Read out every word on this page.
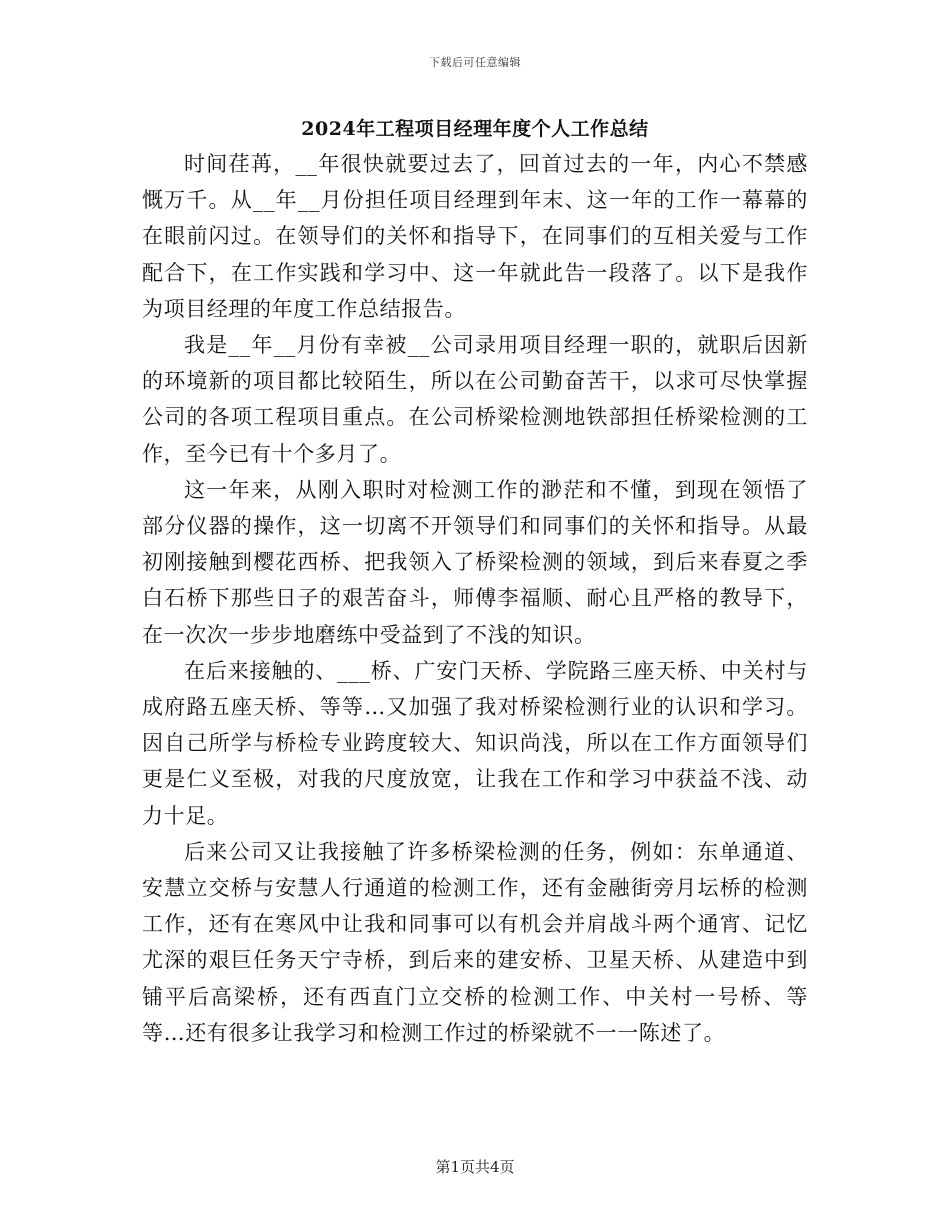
下载后可任意编辑
2024年工程项目经理年度个人工作总结

时间荏苒，__年很快就要过去了，回首过去的一年，内心不禁感慨万千。从__年__月份担任项目经理到年末、这一年的工作一幕幕的在眼前闪过。在领导们的关怀和指导下，在同事们的互相关爱与工作配合下，在工作实践和学习中、这一年就此告一段落了。以下是我作为项目经理的年度工作总结报告。

我是__年__月份有幸被__公司录用项目经理一职的，就职后因新的环境新的项目都比较陌生，所以在公司勤奋苦干，以求可尽快掌握公司的各项工程项目重点。在公司桥梁检测地铁部担任桥梁检测的工作，至今已有十个多月了。

这一年来，从刚入职时对检测工作的渺茫和不懂，到现在领悟了部分仪器的操作，这一切离不开领导们和同事们的关怀和指导。从最初刚接触到樱花西桥、把我领入了桥梁检测的领域，到后来春夏之季白石桥下那些日子的艰苦奋斗，师傅李福顺、耐心且严格的教导下，在一次次一步步地磨练中受益到了不浅的知识。

在后来接触的、___桥、广安门天桥、学院路三座天桥、中关村与成府路五座天桥、等等…又加强了我对桥梁检测行业的认识和学习。因自己所学与桥检专业跨度较大、知识尚浅，所以在工作方面领导们更是仁义至极，对我的尺度放宽，让我在工作和学习中获益不浅、动力十足。

后来公司又让我接触了许多桥梁检测的任务，例如：东单通道、安慧立交桥与安慧人行通道的检测工作，还有金融街旁月坛桥的检测工作，还有在寒风中让我和同事可以有机会并肩战斗两个通宵、记忆尤深的艰巨任务天宁寺桥，到后来的建安桥、卫星天桥、从建造中到铺平后高梁桥，还有西直门立交桥的检测工作、中关村一号桥、等等…还有很多让我学习和检测工作过的桥梁就不一一陈述了。

第1页共4页
